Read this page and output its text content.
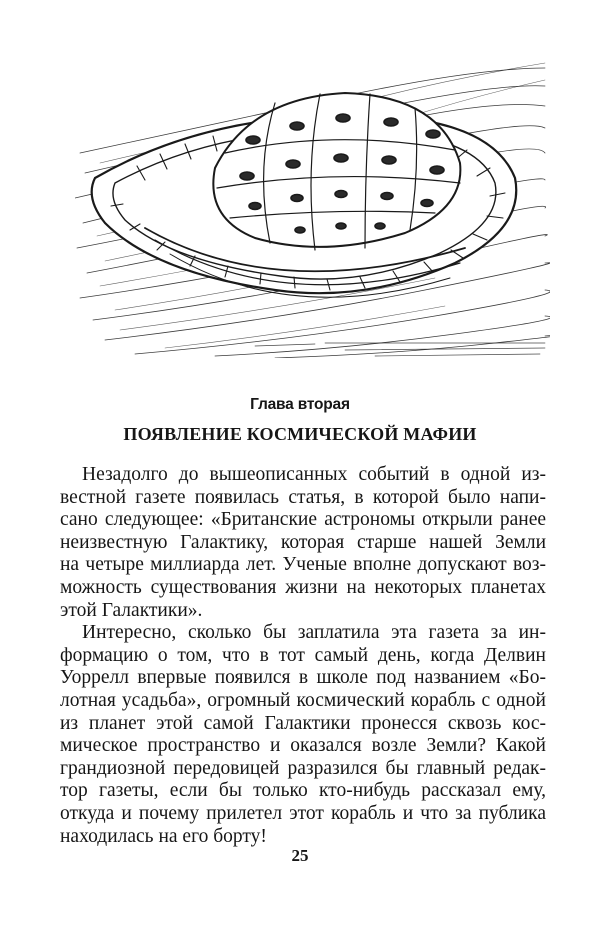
Глава вторая
ПОЯВЛЕНИЕ КОСМИЧЕСКОЙ МАФИИ

Незадолго до вышеописанных событий в одной из-
вестной газете появилась статья, в которой было напи-
сано следующее: «Британские астрономы открыли ранее
неизвестную Галактику, которая старше нашей Земли
на четыре миллиарда лет. Ученые вполне допускают воз-
можность существования жизни на некоторых планетах
этой Галактики».

Интересно, сколько бы заплатила эта газета за ин-
формацию о том, что в тот самый день, когда Делвин
Уоррелл впервые появился в школе под названием «Бо-
лотная усадьба», огромный космический корабль с одной
из планет этой самой Галактики пронесся сквозь кос-
мическое пространство и оказался возле Земли? Какой
грандиозной передовицей разразился бы главный редак-
тор газеты, если бы только кто-нибудь рассказал ему,
откуда и почему прилетел этот корабль и что за публика
находилась на его борту!

25
